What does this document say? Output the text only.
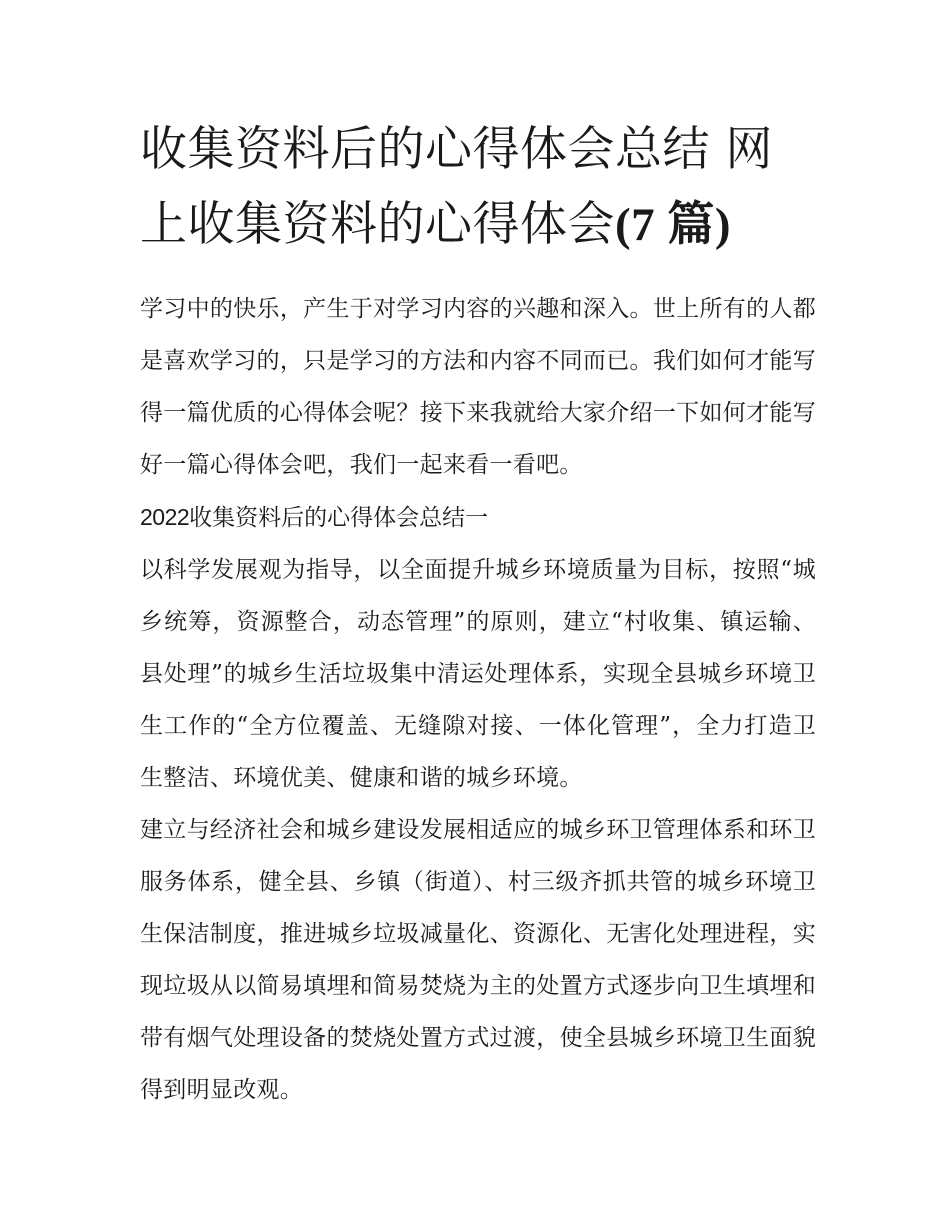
收集资料后的心得体会总结 网上收集资料的心得体会(7 篇)

学习中的快乐，产生于对学习内容的兴趣和深入。世上所有的人都是喜欢学习的，只是学习的方法和内容不同而已。我们如何才能写得一篇优质的心得体会呢？接下来我就给大家介绍一下如何才能写好一篇心得体会吧，我们一起来看一看吧。

2022收集资料后的心得体会总结一

以科学发展观为指导，以全面提升城乡环境质量为目标，按照“城乡统筹，资源整合，动态管理”的原则，建立“村收集、镇运输、县处理”的城乡生活垃圾集中清运处理体系，实现全县城乡环境卫生工作的“全方位覆盖、无缝隙对接、一体化管理”，全力打造卫生整洁、环境优美、健康和谐的城乡环境。

建立与经济社会和城乡建设发展相适应的城乡环卫管理体系和环卫服务体系，健全县、乡镇（街道）、村三级齐抓共管的城乡环境卫生保洁制度，推进城乡垃圾减量化、资源化、无害化处理进程，实现垃圾从以简易填埋和简易焚烧为主的处置方式逐步向卫生填埋和带有烟气处理设备的焚烧处置方式过渡，使全县城乡环境卫生面貌得到明显改观。
